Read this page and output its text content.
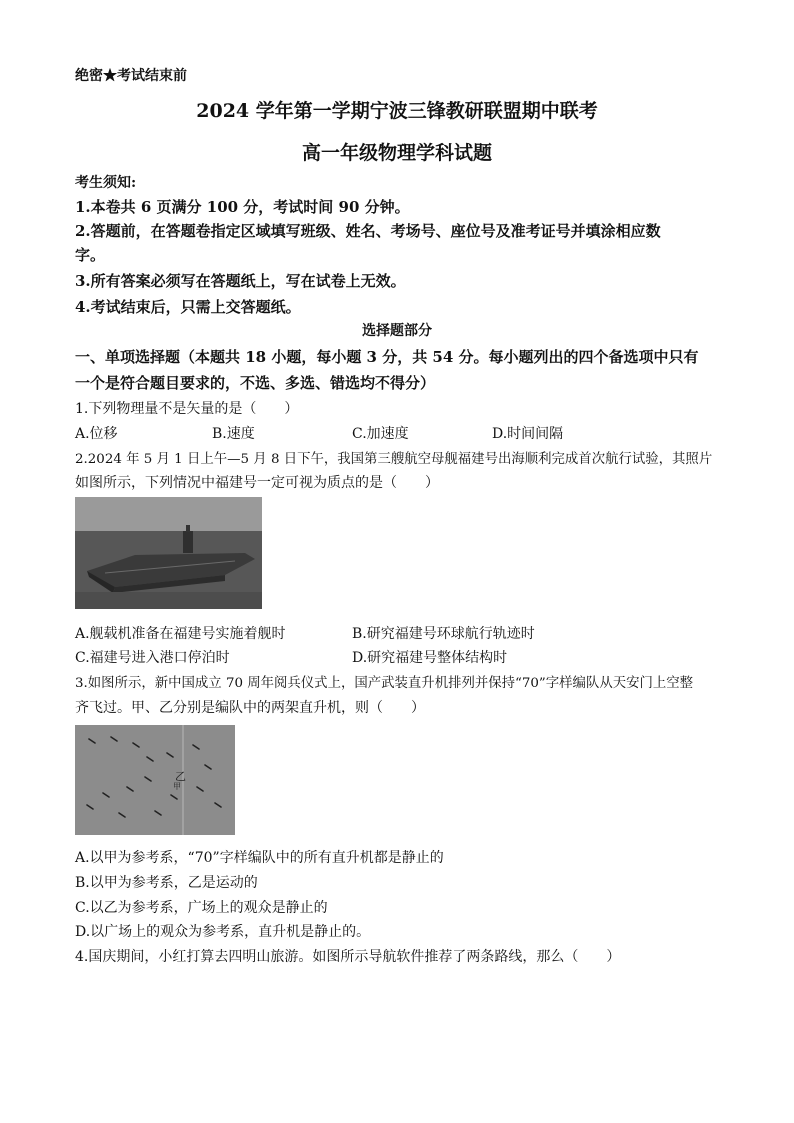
绝密★考试结束前
2024 学年第一学期宁波三锋教研联盟期中联考
高一年级物理学科试题
考生须知:
1.本卷共 6 页满分 100 分，考试时间 90 分钟。
2.答题前，在答题卷指定区域填写班级、姓名、考场号、座位号及准考证号并填涂相应数
字。
3.所有答案必须写在答题纸上，写在试卷上无效。
4.考试结束后，只需上交答题纸。
选择题部分
一、单项选择题（本题共 18 小题，每小题 3 分，共 54 分。每小题列出的四个备选项中只有
一个是符合题目要求的，不选、多选、错选均不得分）
1.下列物理量不是矢量的是（　　）
A.位移	B.速度	C.加速度	D.时间间隔
2.2024 年 5 月 1 日上午—5 月 8 日下午，我国第三艘航空母舰福建号出海顺利完成首次航行试验，其照片
如图所示，下列情况中福建号一定可视为质点的是（　　）
A.舰载机准备在福建号实施着舰时	B.研究福建号环球航行轨迹时
C.福建号进入港口停泊时	D.研究福建号整体结构时
3.如图所示，新中国成立 70 周年阅兵仪式上，国产武装直升机排列并保持“70”字样编队从天安门上空整
齐飞过。甲、乙分别是编队中的两架直升机，则（　　）
乙
甲
A.以甲为参考系，“70”字样编队中的所有直升机都是静止的
B.以甲为参考系，乙是运动的
C.以乙为参考系，广场上的观众是静止的
D.以广场上的观众为参考系，直升机是静止的。
4.国庆期间，小红打算去四明山旅游。如图所示导航软件推荐了两条路线，那么（　　）
